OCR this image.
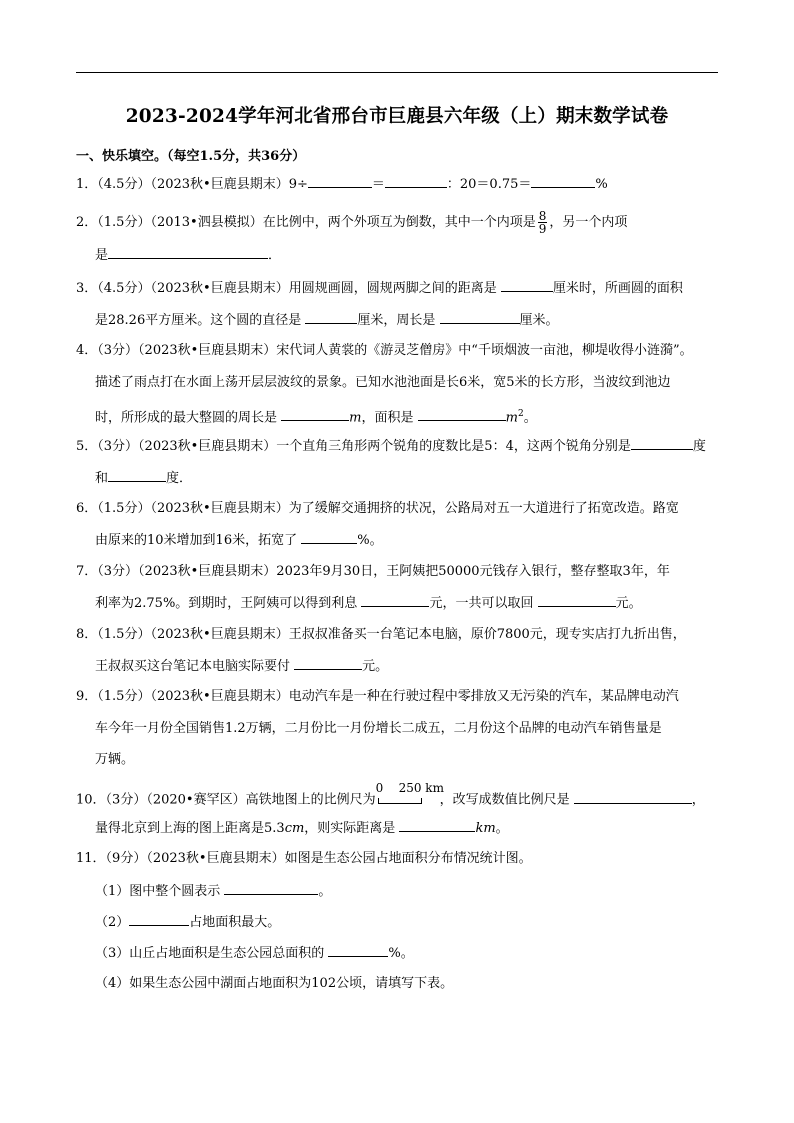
2023-2024学年河北省邢台市巨鹿县六年级（上）期末数学试卷
一、快乐填空。（每空1.5分，共36分）
1．（4.5分）（2023秋•巨鹿县期末）9÷	＝	：20＝0.75＝	%
2．（1.5分）（2013•泗县模拟）在比例中，两个外项互为倒数，其中一个内项是 $\frac{8}{9}$ ，另一个内项
是	．
3．（4.5分）（2023秋•巨鹿县期末）用圆规画圆，圆规两脚之间的距离是	厘米时，所画圆的面积
是28.26平方厘米。这个圆的直径是	厘米，周长是	厘米。
4．（3分）（2023秋•巨鹿县期末）宋代词人黄裳的《游灵芝僧房》中“千顷烟波一亩池，柳堤收得小涟漪”。
描述了雨点打在水面上荡开层层波纹的景象。已知水池池面是长6米，宽5米的长方形，当波纹到池边
时，所形成的最大整圆的周长是	m，面积是	$m^2$。
5．（3分）（2023秋•巨鹿县期末）一个直角三角形两个锐角的度数比是5：4，这两个锐角分别是	度
和	度．
6．（1.5分）（2023秋•巨鹿县期末）为了缓解交通拥挤的状况，公路局对五一大道进行了拓宽改造。路宽
由原来的10米增加到16米，拓宽了	%。
7．（3分）（2023秋•巨鹿县期末）2023年9月30日，王阿姨把50000元钱存入银行，整存整取3年，年
利率为2.75%。到期时，王阿姨可以得到利息	元，一共可以取回	元。
8．（1.5分）（2023秋•巨鹿县期末）王叔叔准备买一台笔记本电脑，原价7800元，现专实店打九折出售，
王叔叔买这台笔记本电脑实际要付	元。
9．（1.5分）（2023秋•巨鹿县期末）电动汽车是一种在行驶过程中零排放又无污染的汽车，某品牌电动汽
车今年一月份全国销售1.2万辆，二月份比一月份增长二成五，二月份这个品牌的电动汽车销售量是
万辆。
10．（3分）（2020•赛罕区）高铁地图上的比例尺为
0 250 km
，改写成数值比例尺是	，
量得北京到上海的图上距离是5.3cm，则实际距离是	km。
11．（9分）（2023秋•巨鹿县期末）如图是生态公园占地面积分布情况统计图。
（1）图中整个圆表示	。
（2）	占地面积最大。
（3）山丘占地面积是生态公园总面积的	%。
（4）如果生态公园中湖面占地面积为102公顷，请填写下表。
